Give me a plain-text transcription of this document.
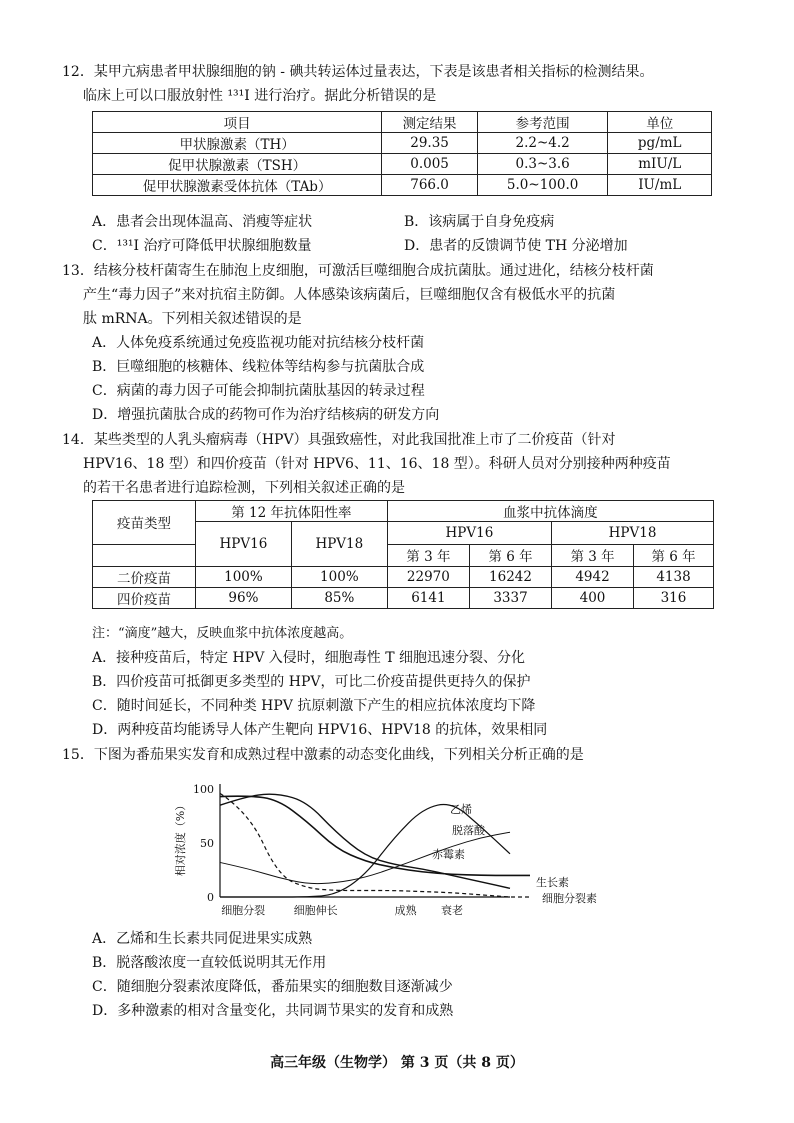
12．某甲亢病患者甲状腺细胞的钠 - 碘共转运体过量表达，下表是该患者相关指标的检测结果。
临床上可以口服放射性 ¹³¹I 进行治疗。据此分析错误的是
项目	测定结果	参考范围	单位
甲状腺激素（TH）	29.35	2.2~4.2	pg/mL
促甲状腺激素（TSH）	0.005	0.3~3.6	mIU/L
促甲状腺激素受体抗体（TAb）	766.0	5.0~100.0	IU/mL
A．患者会出现体温高、消瘦等症状	B．该病属于自身免疫病
C．¹³¹I 治疗可降低甲状腺细胞数量	D．患者的反馈调节使 TH 分泌增加
13．结核分枝杆菌寄生在肺泡上皮细胞，可激活巨噬细胞合成抗菌肽。通过进化，结核分枝杆菌
产生“毒力因子”来对抗宿主防御。人体感染该病菌后，巨噬细胞仅含有极低水平的抗菌
肽 mRNA。下列相关叙述错误的是
A．人体免疫系统通过免疫监视功能对抗结核分枝杆菌
B．巨噬细胞的核糖体、线粒体等结构参与抗菌肽合成
C．病菌的毒力因子可能会抑制抗菌肽基因的转录过程
D．增强抗菌肽合成的药物可作为治疗结核病的研发方向
14．某些类型的人乳头瘤病毒（HPV）具强致癌性，对此我国批准上市了二价疫苗（针对
HPV16、18 型）和四价疫苗（针对 HPV6、11、16、18 型）。科研人员对分别接种两种疫苗
的若干名患者进行追踪检测，下列相关叙述正确的是
疫苗类型	第 12 年抗体阳性率		血浆中抗体滴度			
	HPV16	HPV18	HPV16		HPV18	
			第 3 年	第 6 年	第 3 年	第 6 年
二价疫苗	100%	100%	22970	16242	4942	4138
四价疫苗	96%	85%	6141	3337	400	316
注：“滴度”越大，反映血浆中抗体浓度越高。
A．接种疫苗后，特定 HPV 入侵时，细胞毒性 T 细胞迅速分裂、分化
B．四价疫苗可抵御更多类型的 HPV，可比二价疫苗提供更持久的保护
C．随时间延长，不同种类 HPV 抗原刺激下产生的相应抗体浓度均下降
D．两种疫苗均能诱导人体产生靶向 HPV16、HPV18 的抗体，效果相同
15．下图为番茄果实发育和成熟过程中激素的动态变化曲线，下列相关分析正确的是
相对浓度（%）
0
50
100
细胞分裂	细胞伸长	成熟 衰老
乙烯
脱落酸
赤霉素
生长素
细胞分裂素
A．乙烯和生长素共同促进果实成熟
B．脱落酸浓度一直较低说明其无作用
C．随细胞分裂素浓度降低，番茄果实的细胞数目逐渐减少
D．多种激素的相对含量变化，共同调节果实的发育和成熟
高三年级（生物学） 第 3 页（共 8 页）
